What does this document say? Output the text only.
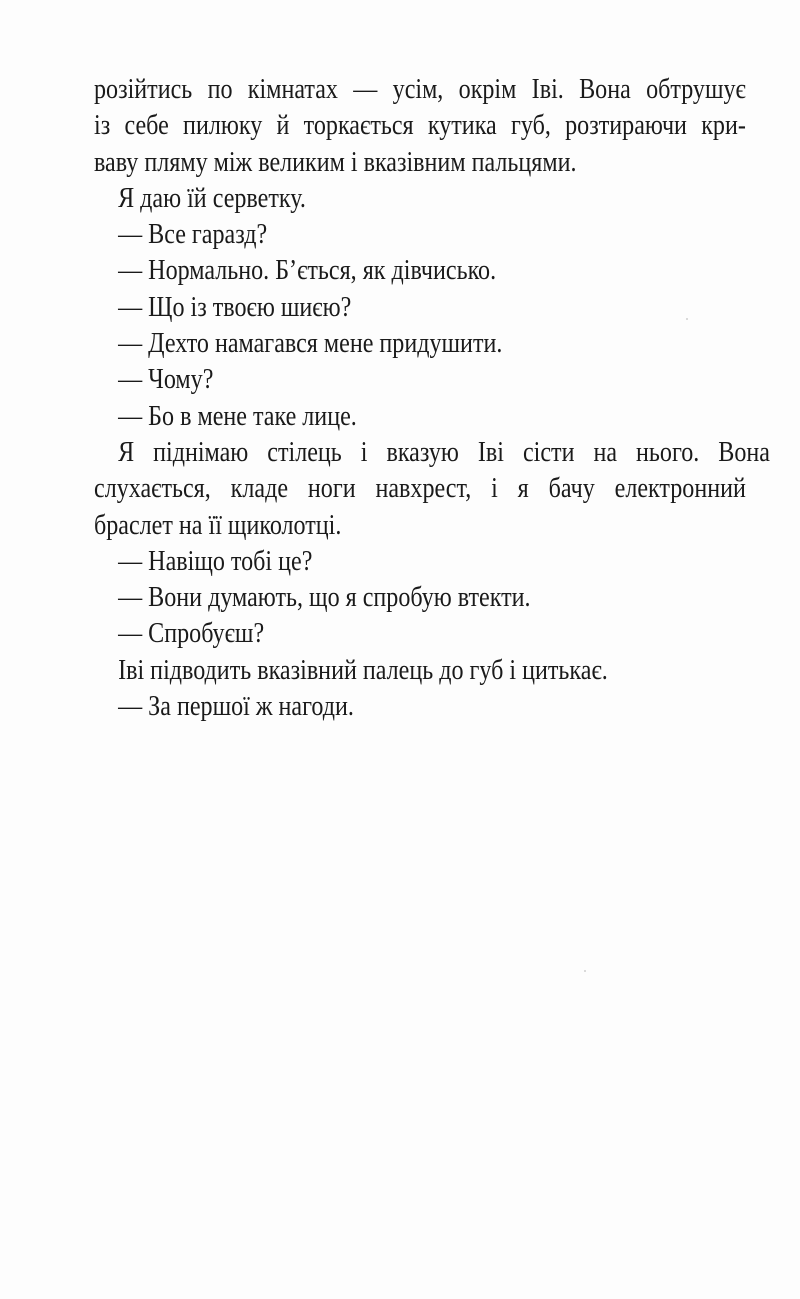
розійтись по кімнатах — усім, окрім Іві. Вона обтрушує
із себе пилюку й торкається кутика губ, розтираючи кри-
ваву пляму між великим і вказівним пальцями.
Я даю їй серветку.
— Все гаразд?
— Нормально. Б’ється, як дівчисько.
— Що із твоєю шиєю?
— Дехто намагався мене придушити.
— Чому?
— Бо в мене таке лице.
Я піднімаю стілець і вказую Іві сісти на нього. Вона
слухається, кладе ноги навхрест, і я бачу електронний
браслет на її щиколотці.
— Навіщо тобі це?
— Вони думають, що я спробую втекти.
— Спробуєш?
Іві підводить вказівний палець до губ і цитькає.
— За першої ж нагоди.
